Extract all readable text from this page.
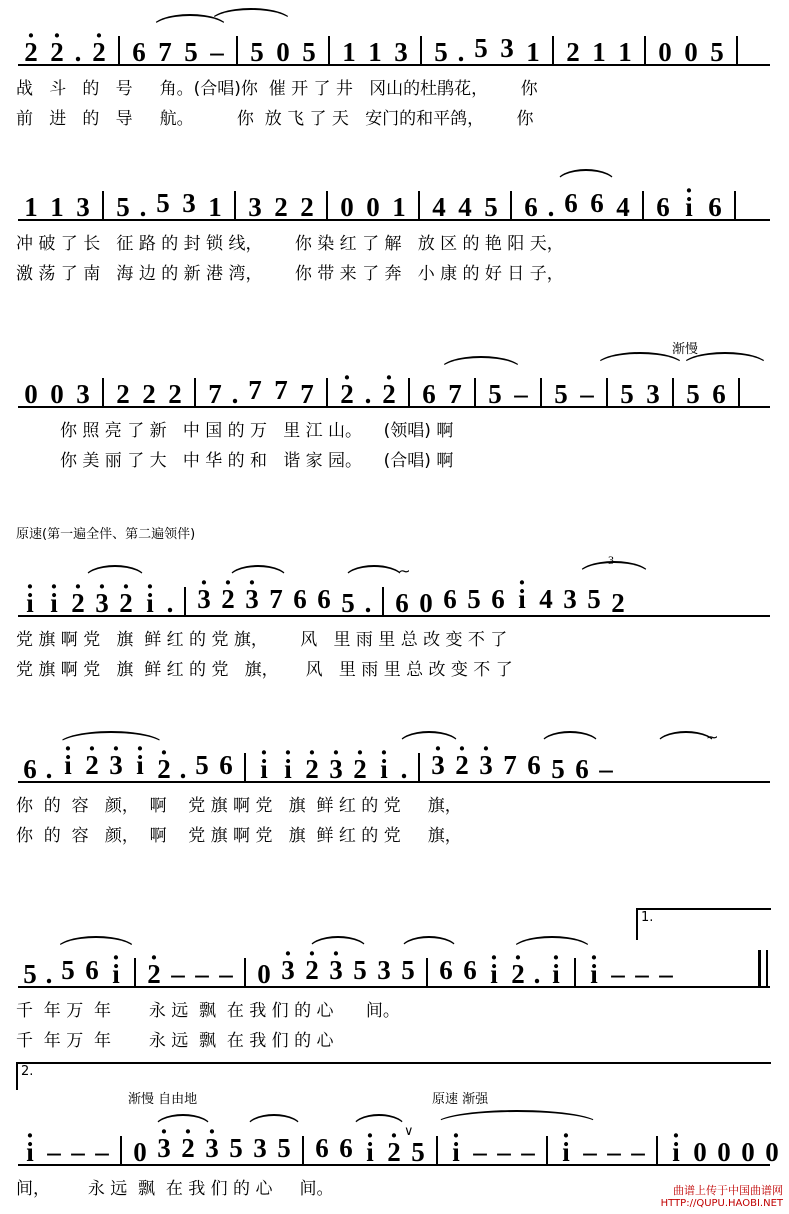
· 2 · 2 . · 2 6 7 5 – 5 0 5 1 1 3 5 . 5 3 1 2 1 1 0 0 5
战   斗   的   号     角。(合唱)你  催 开 了 井   冈山的杜鹃花，      你
前   进   的   导     航。        你  放 飞 了 天   安门的和平鸽，      你
1 1 3 5 . 5 3 1 3 2 2 0 0 1 4 4 5 6 . 6 6 4 6 · i 6
冲 破 了 长   征 路 的 封 锁 线，      你 染 红 了 解   放 区 的 艳 阳 天，
激 荡 了 南   海 边 的 新 港 湾，      你 带 来 了 奔   小 康 的 好 日 子，
渐慢
0 0 3 2 2 2 7 . 7 7 7 · 2 . · 2 6 7 5 – 5 – 5 3 5 6
你 照 亮 了 新   中 国 的 万   里 江 山。    (领唱) 啊
你 美 丽 了 大   中 华 的 和   谐 家 园。    (合唱) 啊
原速(第一遍全伴、第二遍领伴)
· i · i · 2 · 3 · 2 · i . · 3 · 2 · 3 7 6 6 5 . 6 0 6 5 6 · i 4 3 5 2
∼
3
党 旗 啊 党   旗  鲜 红 的 党 旗，      风   里 雨 里 总 改 变 不 了
党 旗 啊 党   旗  鲜 红 的 党   旗，     风   里 雨 里 总 改 变 不 了
6 . · i · 2 · 3 · i · 2 . 5 6	· i · i · 2 · 3 · 2 · i . · 3 · 2 · 3 7 6 5 6 –
∼
你  的  容   颜，  啊    党 旗 啊 党   旗  鲜 红 的 党     旗，
你  的  容   颜，  啊    党 旗 啊 党   旗  鲜 红 的 党     旗，
1.
5 . 5 6 · i	· 2 – – – 0 · 3 · 2 · 3 5 3 5 6 6 · i · 2 . · i	· i – – –
千  年 万  年       永 远  飘  在 我 们 的 心      间。
千  年 万  年       永 远  飘  在 我 们 的 心
2.
渐慢 自由地	原速 渐强
· i – – – 0 · 3 · 2 · 3 5 3 5 6 6 · i · 2 5	· i – – –	· i – – –	· i 0 0 0 0
∨
间，       永 远  飘  在 我 们 的 心     间。	曲谱上传于中国曲谱网
HTTP://QUPU.HAOBI.NET
